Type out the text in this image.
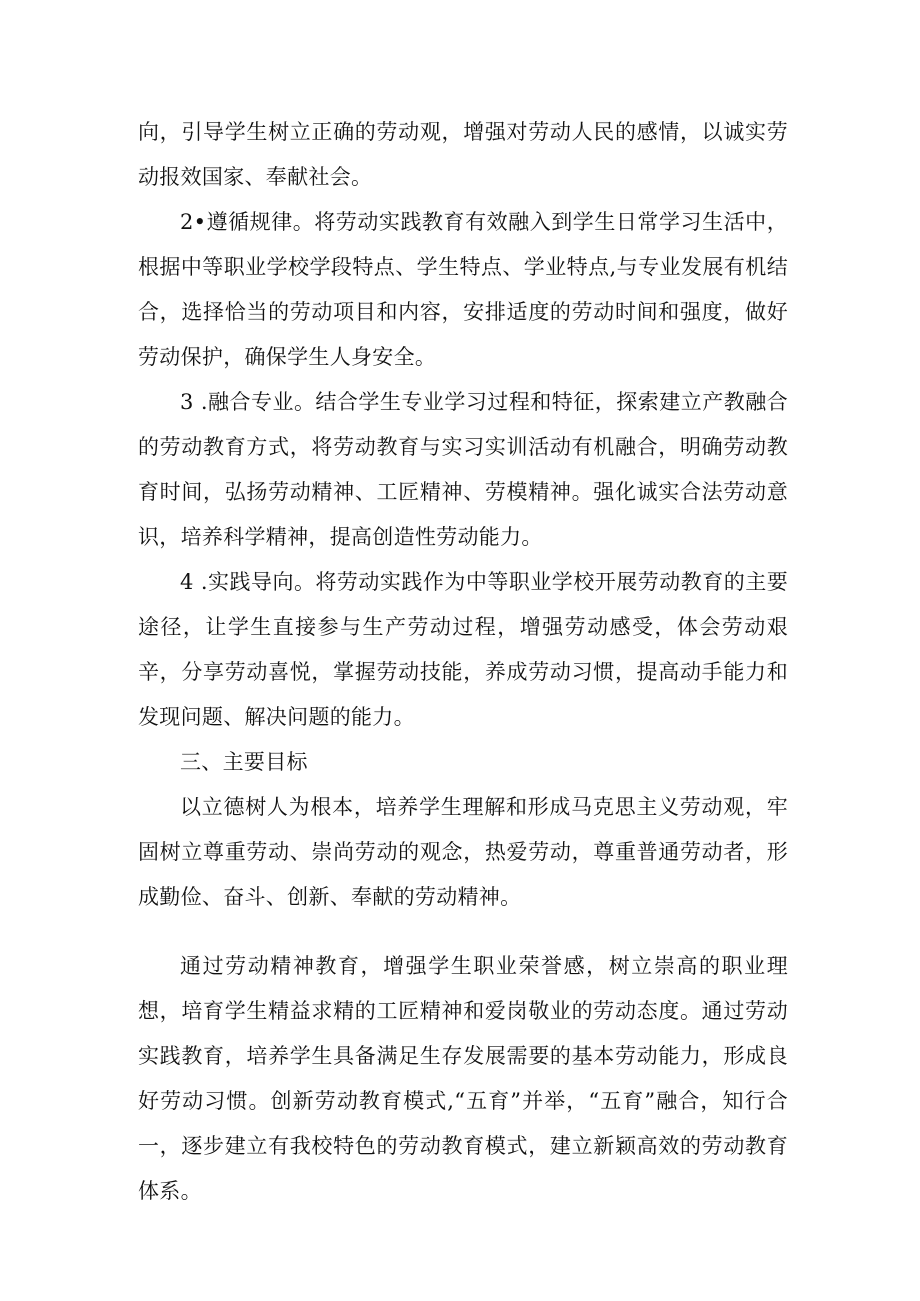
向，引导学生树立正确的劳动观，增强对劳动人民的感情，以诚实劳动报效国家、奉献社会。

2•遵循规律。将劳动实践教育有效融入到学生日常学习生活中，根据中等职业学校学段特点、学生特点、学业特点,与专业发展有机结合，选择恰当的劳动项目和内容，安排适度的劳动时间和强度，做好劳动保护，确保学生人身安全。

3 .融合专业。结合学生专业学习过程和特征，探索建立产教融合的劳动教育方式，将劳动教育与实习实训活动有机融合，明确劳动教育时间，弘扬劳动精神、工匠精神、劳模精神。强化诚实合法劳动意识，培养科学精神，提高创造性劳动能力。

4 .实践导向。将劳动实践作为中等职业学校开展劳动教育的主要途径，让学生直接参与生产劳动过程，增强劳动感受，体会劳动艰辛，分享劳动喜悦，掌握劳动技能，养成劳动习惯，提高动手能力和发现问题、解决问题的能力。

三、主要目标

以立德树人为根本，培养学生理解和形成马克思主义劳动观，牢固树立尊重劳动、崇尚劳动的观念，热爱劳动，尊重普通劳动者，形成勤俭、奋斗、创新、奉献的劳动精神。

通过劳动精神教育，增强学生职业荣誉感，树立崇高的职业理想，培育学生精益求精的工匠精神和爱岗敬业的劳动态度。通过劳动实践教育，培养学生具备满足生存发展需要的基本劳动能力，形成良好劳动习惯。创新劳动教育模式,“五育”并举，“五育”融合，知行合一，逐步建立有我校特色的劳动教育模式，建立新颖高效的劳动教育体系。
